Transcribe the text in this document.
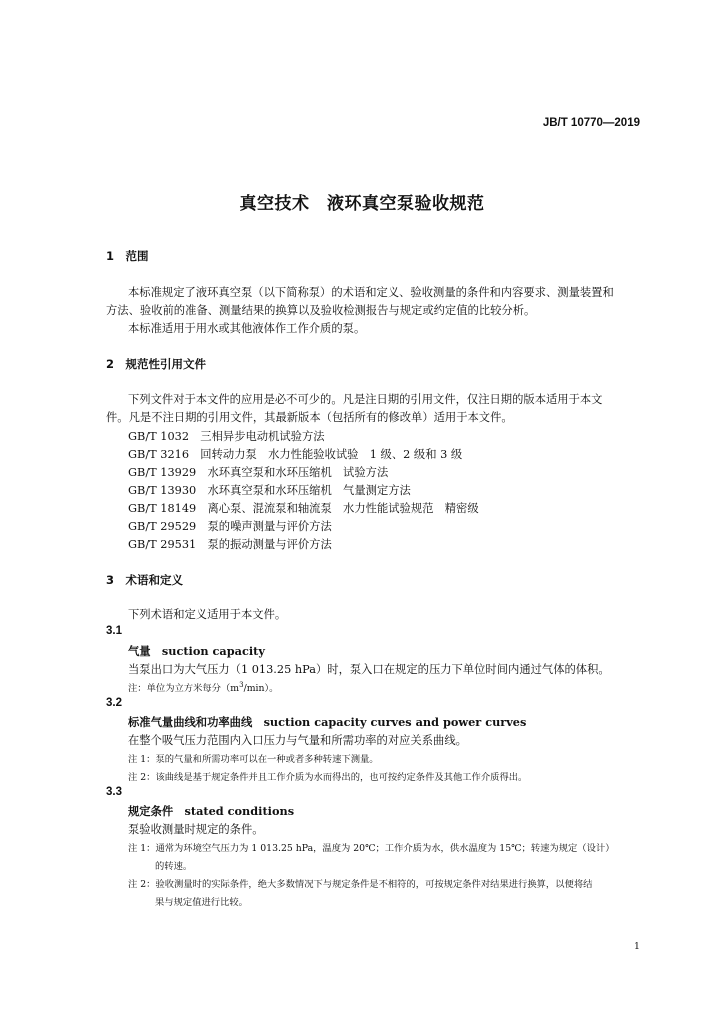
JB/T 10770—2019
真空技术　液环真空泵验收规范
1　范围
本标准规定了液环真空泵（以下简称泵）的术语和定义、验收测量的条件和内容要求、测量装置和
方法、验收前的准备、测量结果的换算以及验收检测报告与规定或约定值的比较分析。
本标准适用于用水或其他液体作工作介质的泵。
2　规范性引用文件
下列文件对于本文件的应用是必不可少的。凡是注日期的引用文件，仅注日期的版本适用于本文
件。凡是不注日期的引用文件，其最新版本（包括所有的修改单）适用于本文件。
GB/T 1032　三相异步电动机试验方法
GB/T 3216　回转动力泵　水力性能验收试验　1 级、2 级和 3 级
GB/T 13929　水环真空泵和水环压缩机　试验方法
GB/T 13930　水环真空泵和水环压缩机　气量测定方法
GB/T 18149　离心泵、混流泵和轴流泵　水力性能试验规范　精密级
GB/T 29529　泵的噪声测量与评价方法
GB/T 29531　泵的振动测量与评价方法
3　术语和定义
下列术语和定义适用于本文件。
3.1
气量　suction capacity
当泵出口为大气压力（1 013.25 hPa）时，泵入口在规定的压力下单位时间内通过气体的体积。
注：单位为立方米每分$(m^3/\min)$。
3.2
标准气量曲线和功率曲线　suction capacity curves and power curves
在整个吸气压力范围内入口压力与气量和所需功率的对应关系曲线。
注 1：泵的气量和所需功率可以在一种或者多种转速下测量。
注 2：该曲线是基于规定条件并且工作介质为水而得出的，也可按约定条件及其他工作介质得出。
3.3
规定条件　stated conditions
泵验收测量时规定的条件。
注 1：通常为环境空气压力为 1 013.25 hPa，温度为 20℃；工作介质为水，供水温度为 15℃；转速为规定（设计）
的转速。
注 2：验收测量时的实际条件，绝大多数情况下与规定条件是不相符的，可按规定条件对结果进行换算，以便将结
果与规定值进行比较。
1
